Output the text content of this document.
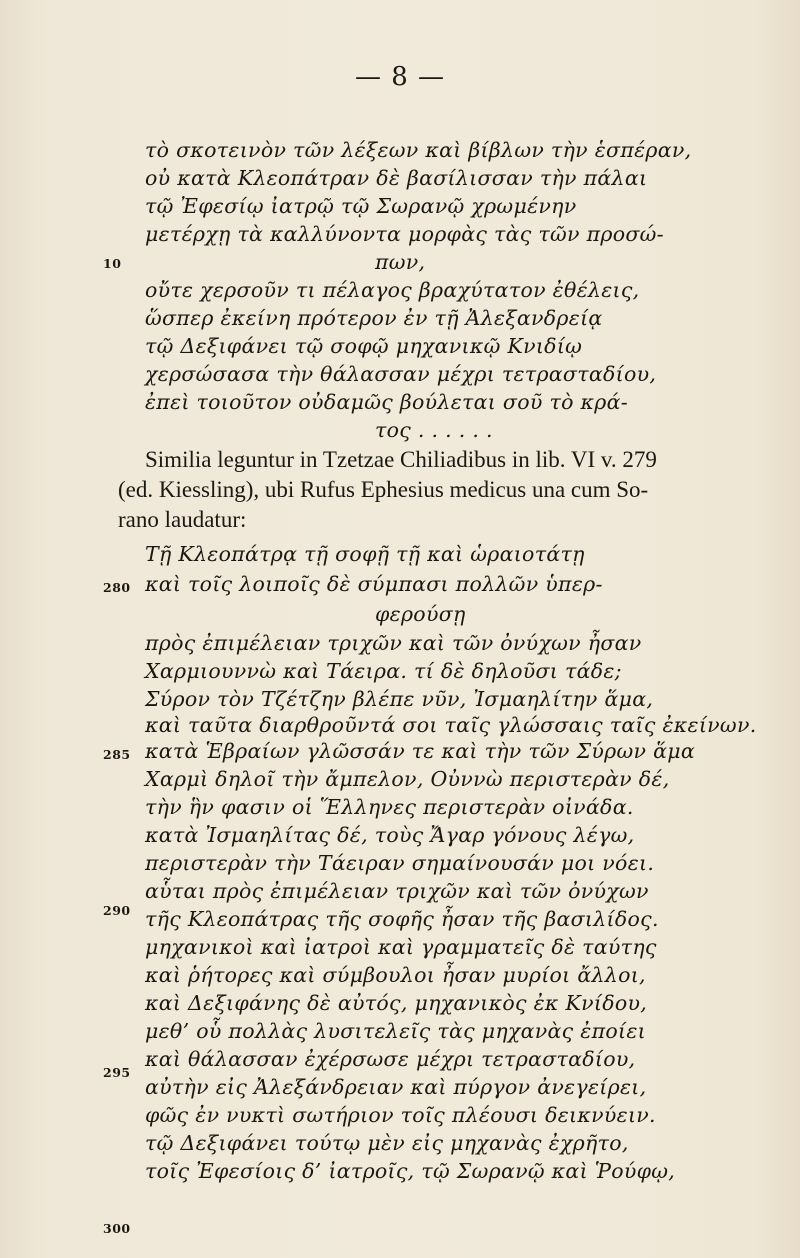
— 8 —
10
280
285
290
295
300
τὸ σκοτεινὸν τῶν λέξεων καὶ βίβλων τὴν ἑσπέραν,
οὐ κατὰ Κλεοπάτραν δὲ βασίλισσαν τὴν πάλαι
τῷ Ἐφεσίῳ ἰατρῷ τῷ Σωρανῷ χρωμένην
μετέρχῃ τὰ καλλύνοντα μορφὰς τὰς τῶν προσώ-
πων,
οὔτε χερσοῦν τι πέλαγος βραχύτατον ἐθέλεις,
ὥσπερ ἐκείνη πρότερον ἐν τῇ Ἀλεξανδρείᾳ
τῷ Δεξιφάνει τῷ σοφῷ μηχανικῷ Κνιδίῳ
χερσώσασα τὴν θάλασσαν μέχρι τετρασταδίου,
ἐπεὶ τοιοῦτον οὐδαμῶς βούλεται σοῦ τὸ κρά-
τος . . . . . .
Similia leguntur in Tzetzae Chiliadibus in lib. VI v. 279
(ed. Kiessling), ubi Rufus Ephesius medicus una cum So-
rano laudatur:
Τῇ Κλεοπάτρᾳ τῇ σοφῇ τῇ καὶ ὡραιοτάτῃ
καὶ τοῖς λοιποῖς δὲ σύμπασι πολλῶν ὑπερ-
φερούσῃ
πρὸς ἐπιμέλειαν τριχῶν καὶ τῶν ὀνύχων ἦσαν
Χαρμιουννὼ καὶ Τάειρα. τί δὲ δηλοῦσι τάδε;
Σύρον τὸν Τζέτζην βλέπε νῦν, Ἰσμαηλίτην ἅμα,
καὶ ταῦτα διαρθροῦντά σοι ταῖς γλώσσαις ταῖς ἐκείνων.
κατὰ Ἑβραίων γλῶσσάν τε καὶ τὴν τῶν Σύρων ἅμα
Χαρμὶ δηλοῖ τὴν ἄμπελον, Οὐννὼ περιστερὰν δέ,
τὴν ἣν φασιν οἱ Ἕλληνες περιστερὰν οἰνάδα.
κατὰ Ἰσμαηλίτας δέ, τοὺς Ἄγαρ γόνους λέγω,
περιστερὰν τὴν Τάειραν σημαίνουσάν μοι νόει.
αὗται πρὸς ἐπιμέλειαν τριχῶν καὶ τῶν ὀνύχων
τῆς Κλεοπάτρας τῆς σοφῆς ἦσαν τῆς βασιλίδος.
μηχανικοὶ καὶ ἰατροὶ καὶ γραμματεῖς δὲ ταύτης
καὶ ῥήτορες καὶ σύμβουλοι ἦσαν μυρίοι ἄλλοι,
καὶ Δεξιφάνης δὲ αὐτός, μηχανικὸς ἐκ Κνίδου,
μεθ’ οὗ πολλὰς λυσιτελεῖς τὰς μηχανὰς ἐποίει
καὶ θάλασσαν ἐχέρσωσε μέχρι τετρασταδίου,
αὐτὴν εἰς Ἀλεξάνδρειαν καὶ πύργον ἀνεγείρει,
φῶς ἐν νυκτὶ σωτήριον τοῖς πλέουσι δεικνύειν.
τῷ Δεξιφάνει τούτῳ μὲν εἰς μηχανὰς ἐχρῆτο,
τοῖς Ἐφεσίοις δ’ ἰατροῖς, τῷ Σωρανῷ καὶ Ῥούφῳ,
